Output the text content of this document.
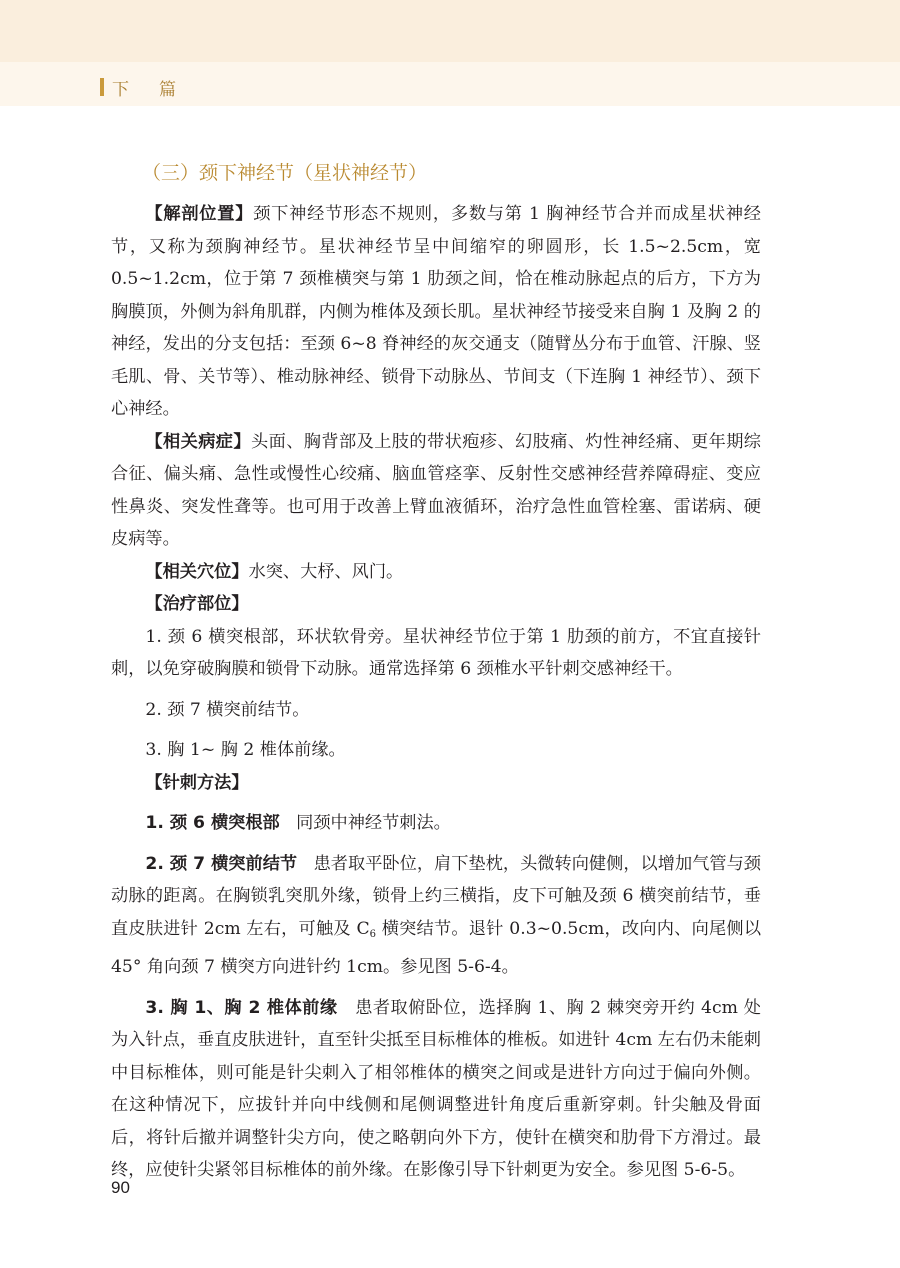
下篇
（三）颈下神经节（星状神经节）

【解剖位置】颈下神经节形态不规则，多数与第 1 胸神经节合并而成星状神经节，又称为颈胸神经节。星状神经节呈中间缩窄的卵圆形，长 1.5~2.5cm，宽 0.5~1.2cm，位于第 7 颈椎横突与第 1 肋颈之间，恰在椎动脉起点的后方，下方为胸膜顶，外侧为斜角肌群，内侧为椎体及颈长肌。星状神经节接受来自胸 1 及胸 2 的神经，发出的分支包括：至颈 6~8 脊神经的灰交通支（随臂丛分布于血管、汗腺、竖毛肌、骨、关节等）、椎动脉神经、锁骨下动脉丛、节间支（下连胸 1 神经节）、颈下心神经。

【相关病症】头面、胸背部及上肢的带状疱疹、幻肢痛、灼性神经痛、更年期综合征、偏头痛、急性或慢性心绞痛、脑血管痉挛、反射性交感神经营养障碍症、变应性鼻炎、突发性聋等。也可用于改善上臂血液循环，治疗急性血管栓塞、雷诺病、硬皮病等。

【相关穴位】水突、大杼、风门。

【治疗部位】

1. 颈 6 横突根部，环状软骨旁。星状神经节位于第 1 肋颈的前方，不宜直接针刺，以免穿破胸膜和锁骨下动脉。通常选择第 6 颈椎水平针刺交感神经干。

2. 颈 7 横突前结节。

3. 胸 1~ 胸 2 椎体前缘。

【针刺方法】

1. 颈 6 横突根部 同颈中神经节刺法。

2. 颈 7 横突前结节 患者取平卧位，肩下垫枕，头微转向健侧，以增加气管与颈动脉的距离。在胸锁乳突肌外缘，锁骨上约三横指，皮下可触及颈 6 横突前结节，垂直皮肤进针 2cm 左右，可触及 $C_6$ 横突结节。退针 0.3~0.5cm，改向内、向尾侧以 45° 角向颈 7 横突方向进针约 1cm。参见图 5-6-4。

3. 胸 1、胸 2 椎体前缘 患者取俯卧位，选择胸 1、胸 2 棘突旁开约 4cm 处为入针点，垂直皮肤进针，直至针尖抵至目标椎体的椎板。如进针 4cm 左右仍未能刺中目标椎体，则可能是针尖刺入了相邻椎体的横突之间或是进针方向过于偏向外侧。在这种情况下，应拔针并向中线侧和尾侧调整进针角度后重新穿刺。针尖触及骨面后，将针后撤并调整针尖方向，使之略朝向外下方，使针在横突和肋骨下方滑过。最终，应使针尖紧邻目标椎体的前外缘。在影像引导下针刺更为安全。参见图 5-6-5。

90
